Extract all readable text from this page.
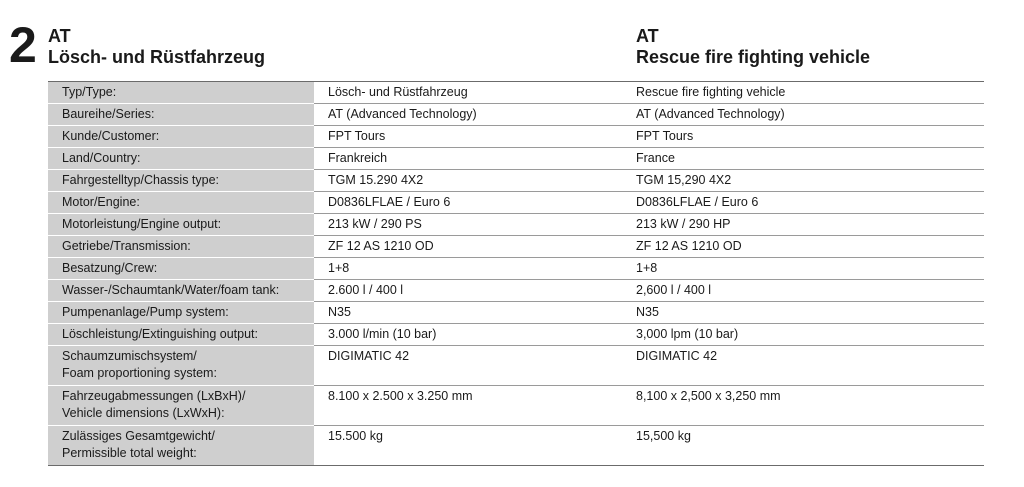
2 AT
Lösch- und Rüstfahrzeug
AT
Rescue fire fighting vehicle
Typ/Type:	Lösch- und Rüstfahrzeug	Rescue fire fighting vehicle
Baureihe/Series:	AT (Advanced Technology)	AT (Advanced Technology)
Kunde/Customer:	FPT Tours	FPT Tours
Land/Country:	Frankreich	France
Fahrgestelltyp/Chassis type:	TGM 15.290 4X2	TGM 15,290 4X2
Motor/Engine:	D0836LFLAE / Euro 6	D0836LFLAE / Euro 6
Motorleistung/Engine output:	213 kW / 290 PS	213 kW / 290 HP
Getriebe/Transmission:	ZF 12 AS 1210 OD	ZF 12 AS 1210 OD
Besatzung/Crew:	1+8	1+8
Wasser-/Schaumtank/Water/foam tank:	2.600 l / 400 l	2,600 l / 400 l
Pumpenanlage/Pump system:	N35	N35
Löschleistung/Extinguishing output:	3.000 l/min (10 bar)	3,000 lpm (10 bar)

Schaumzumischsystem/
Foam proportioning system:	DIGIMATIC 42	DIGIMATIC 42

Fahrzeugabmessungen (LxBxH)/
Vehicle dimensions (LxWxH):	8.100 x 2.500 x 3.250 mm	8,100 x 2,500 x 3,250 mm

Zulässiges Gesamtgewicht/
Permissible total weight:	15.500 kg	15,500 kg
